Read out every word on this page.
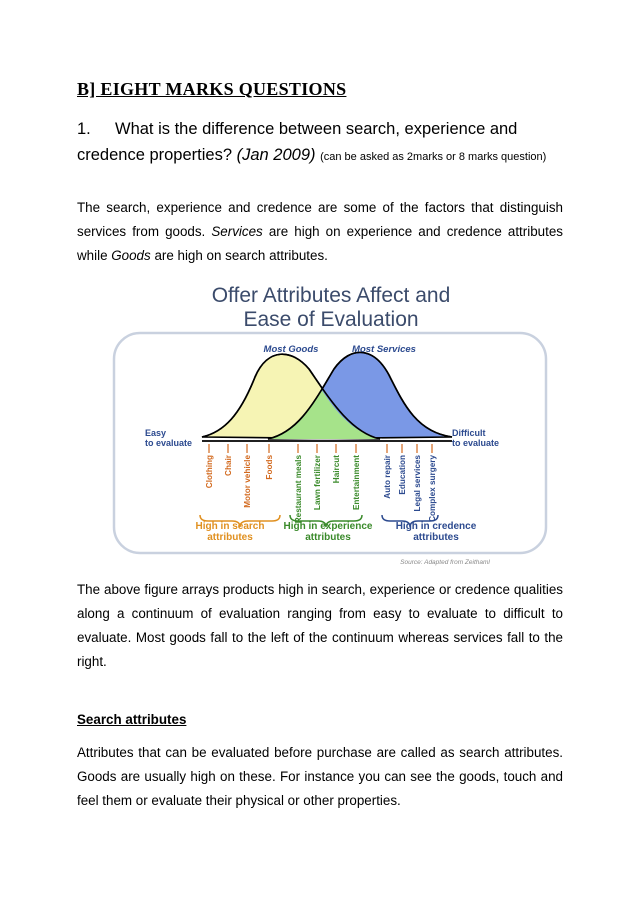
B] EIGHT MARKS QUESTIONS

1. What is the difference between search, experience and credence properties? (Jan 2009) (can be asked as 2marks or 8 marks question)

The search, experience and credence are some of the factors that distinguish services from goods. Services are high on experience and credence attributes while Goods are high on search attributes.

Offer Attributes Affect and
Ease of Evaluation
Most Goods	Most Services
Easy
to evaluate
Difficult
to evaluate
Clothing Chair Motor vehicle Foods Restaurant meals Lawn fertilizer Haircut Entertainment	Auto repair Education Legal services Complex surgery
High in search
attributes
High in experience
attributes
High in credence
attributes
Source: Adapted from Zeithaml

The above figure arrays products high in search, experience or credence qualities along a continuum of evaluation ranging from easy to evaluate to difficult to evaluate. Most goods fall to the left of the continuum whereas services fall to the right.

Search attributes

Attributes that can be evaluated before purchase are called as search attributes. Goods are usually high on these. For instance you can see the goods, touch and feel them or evaluate their physical or other properties.
